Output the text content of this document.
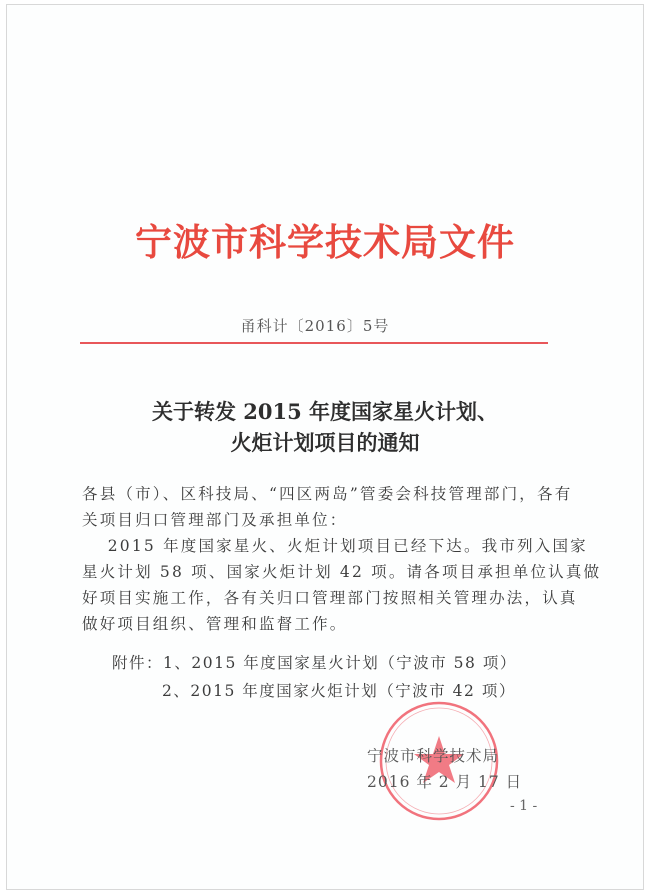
宁波市科学技术局文件
甬科计〔2016〕5号
关于转发 2015 年度国家星火计划、
火炬计划项目的通知
各县（市）、区科技局、“四区两岛”管委会科技管理部门，各有
关项目归口管理部门及承担单位：
　2015 年度国家星火、火炬计划项目已经下达。我市列入国家
星火计划 58 项、国家火炬计划 42 项。请各项目承担单位认真做
好项目实施工作，各有关归口管理部门按照相关管理办法，认真
做好项目组织、管理和监督工作。
附件：1、2015 年度国家星火计划（宁波市 58 项）
2、2015 年度国家火炬计划（宁波市 42 项）
宁波市科学技术局
2016 年 2 月 17 日
- 1 -
